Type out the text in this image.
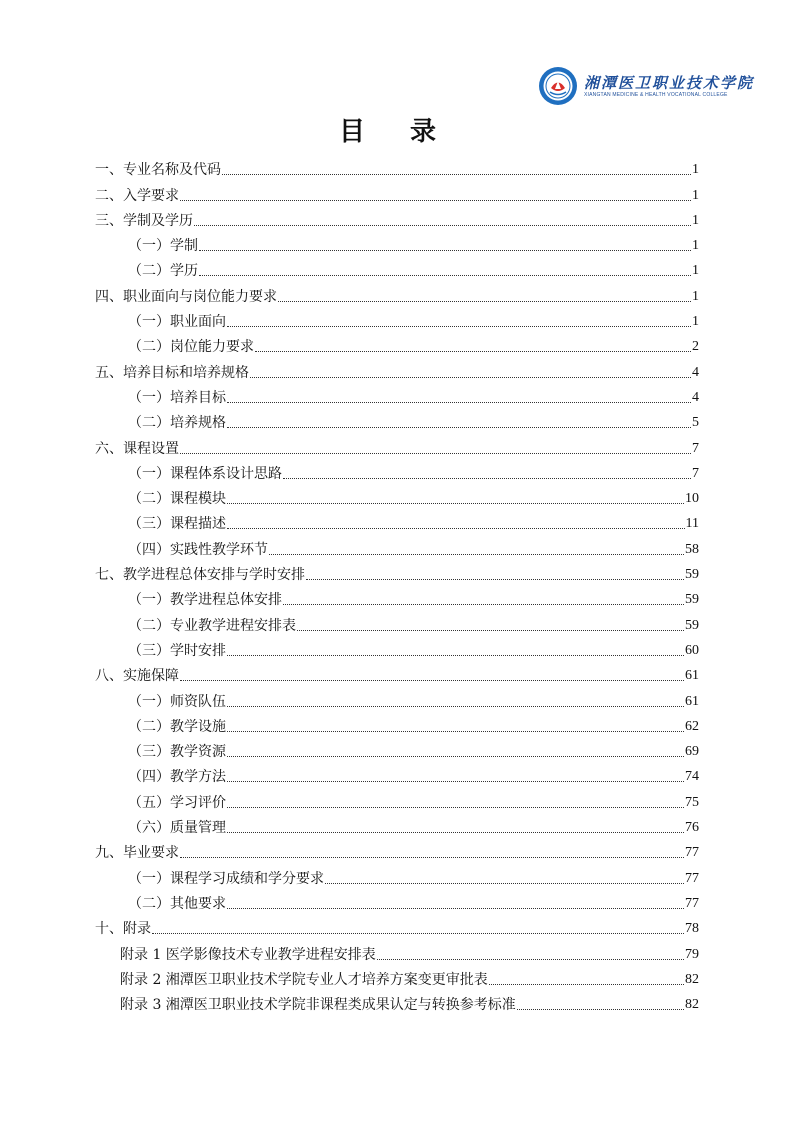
湘潭医卫职业技术学院
XIANGTAN MEDICINE & HEALTH VOCATIONAL COLLEGE
目 录
一、专业名称及代码	1
二、入学要求	1
三、学制及学历	1
（一）学制	1
（二）学历	1
四、职业面向与岗位能力要求	1
（一）职业面向	1
（二）岗位能力要求	2
五、培养目标和培养规格	4
（一）培养目标	4
（二）培养规格	5
六、课程设置	7
（一）课程体系设计思路	7
（二）课程模块	10
（三）课程描述	11
（四）实践性教学环节	58
七、教学进程总体安排与学时安排	59
（一）教学进程总体安排	59
（二）专业教学进程安排表	59
（三）学时安排	60
八、实施保障	61
（一）师资队伍	61
（二）教学设施	62
（三）教学资源	69
（四）教学方法	74
（五）学习评价	75
（六）质量管理	76
九、毕业要求	77
（一）课程学习成绩和学分要求	77
（二）其他要求	77
十、附录	78
附录 1 医学影像技术专业教学进程安排表	79
附录 2 湘潭医卫职业技术学院专业人才培养方案变更审批表	82
附录 3 湘潭医卫职业技术学院非课程类成果认定与转换参考标准	82
